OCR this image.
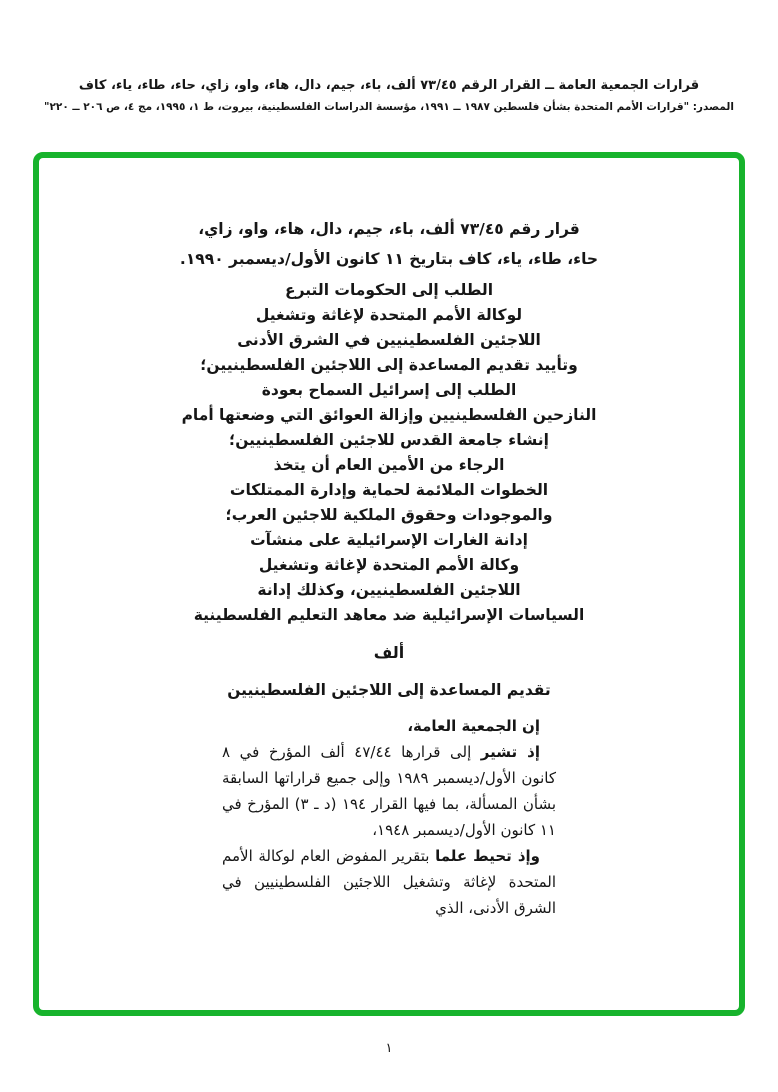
قرارات الجمعية العامة ــ القرار الرقم ٧٣/٤٥ ألف، باء، جيم، دال، هاء، واو، زاي، حاء، طاء، ياء، كاف
المصدر: "قرارات الأمم المتحدة بشأن فلسطين ١٩٨٧ ــ ١٩٩١، مؤسسة الدراسات الفلسطينية، بيروت، ط ١، ١٩٩٥، مج ٤، ص ٢٠٦ ــ ٢٢٠"
قرار رقم ٧٣/٤٥ ألف، باء، جيم، دال، هاء، واو، زاي،
حاء، طاء، ياء، كاف بتاريخ ١١ كانون الأول/ديسمبر ١٩٩٠.
الطلب إلى الحكومات التبرع
لوكالة الأمم المتحدة لإغاثة وتشغيل
اللاجئين الفلسطينيين في الشرق الأدنى
وتأييد تقديم المساعدة إلى اللاجئين الفلسطينيين؛
الطلب إلى إسرائيل السماح بعودة
النازحين الفلسطينيين وإزالة العوائق التي وضعتها أمام
إنشاء جامعة القدس للاجئين الفلسطينيين؛
الرجاء من الأمين العام أن يتخذ
الخطوات الملائمة لحماية وإدارة الممتلكات
والموجودات وحقوق الملكية للاجئين العرب؛
إدانة الغارات الإسرائيلية على منشآت
وكالة الأمم المتحدة لإغاثة وتشغيل
اللاجئين الفلسطينيين، وكذلك إدانة
السياسات الإسرائيلية ضد معاهد التعليم الفلسطينية
ألف
تقديم المساعدة إلى اللاجئين الفلسطينيين
إن الجمعية العامة،

إذ تشير إلى قرارها ٤٧/٤٤ ألف المؤرخ في ٨ كانون الأول/ديسمبر ١٩٨٩ وإلى جميع قراراتها السابقة بشأن المسألة، بما فيها القرار ١٩٤ (د ـ ٣) المؤرخ في ١١ كانون الأول/ديسمبر ١٩٤٨،

وإذ تحيط علما بتقرير المفوض العام لوكالة الأمم المتحدة لإغاثة وتشغيل اللاجئين الفلسطينيين في الشرق الأدنى، الذي

١
